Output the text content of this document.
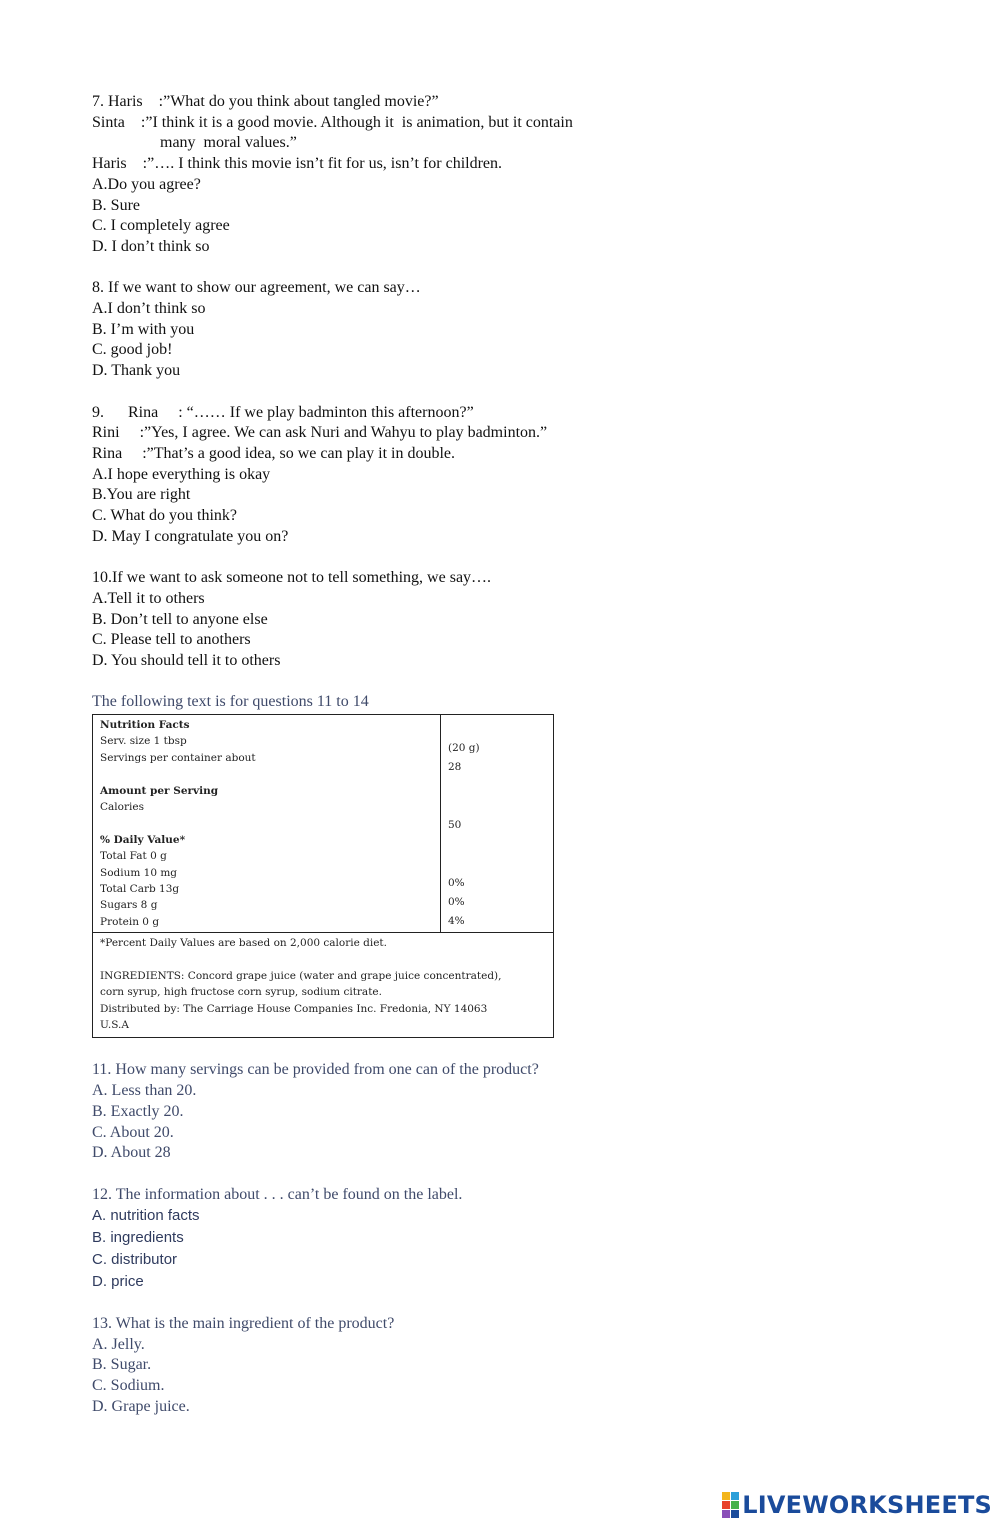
7. Haris    :”What do you think about tangled movie?”

Sinta    :”I think it is a good movie. Although it  is animation, but it contain

many  moral values.”

Haris    :”…. I think this movie isn’t fit for us, isn’t for children.

A.Do you agree?

B. Sure

C. I completely agree

D. I don’t think so

8. If we want to show our agreement, we can say…

A.I don’t think so

B. I’m with you

C. good job!

D. Thank you

9.      Rina     : “…… If we play badminton this afternoon?”

Rini     :”Yes, I agree. We can ask Nuri and Wahyu to play badminton.”

Rina     :”That’s a good idea, so we can play it in double.

A.I hope everything is okay

B.You are right

C. What do you think?

D. May I congratulate you on?

10.If we want to ask someone not to tell something, we say….

A.Tell it to others

B. Don’t tell to anyone else

C. Please tell to anothers

D. You should tell it to others

The following text is for questions 11 to 14

Nutrition Facts
Serv. size 1 tbsp
Servings per container about
Amount per Serving
Calories
% Daily Value*
Total Fat 0 g
Sodium 10 mg
Total Carb 13g
Sugars 8 g
Protein 0 g
(20 g)
28
50
0%
0%
4%
*Percent Daily Values are based on 2,000 calorie diet.
INGREDIENTS: Concord grape juice (water and grape juice concentrated),
corn syrup, high fructose corn syrup, sodium citrate.
Distributed by: The Carriage House Companies Inc. Fredonia, NY 14063
U.S.A

11. How many servings can be provided from one can of the product?

A. Less than 20.

B. Exactly 20.

C. About 20.

D. About 28

12. The information about . . . can’t be found on the label.

A. nutrition facts

B. ingredients

C. distributor

D. price

13. What is the main ingredient of the product?

A. Jelly.

B. Sugar.

C. Sodium.

D. Grape juice.

LIVEWORKSHEETS
